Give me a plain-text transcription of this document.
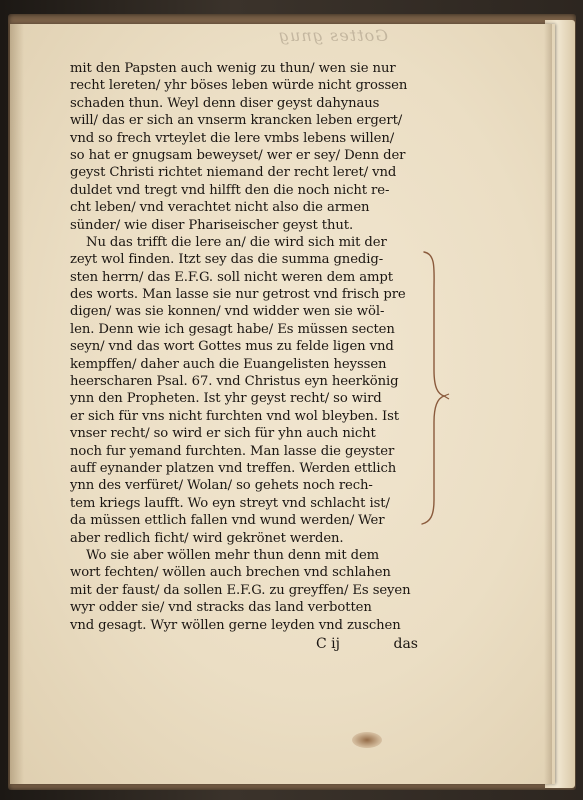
Gottes gnug
mit den Papsten auch wenig zu thun/ wen sie nur
recht lereten/ yhr böses leben würde nicht grossen
schaden thun. Weyl denn diser geyst dahynaus
will/ das er sich an vnserm krancken leben ergert/
vnd so frech vrteylet die lere vmbs lebens willen/
so hat er gnugsam beweyset/ wer er sey/ Denn der
geyst Christi richtet niemand der recht leret/ vnd
duldet vnd tregt vnd hilfft den die noch nicht re-
cht leben/ vnd verachtet nicht also die armen
sünder/ wie diser Phariseischer geyst thut.
Nu das trifft die lere an/ die wird sich mit der
zeyt wol finden. Itzt sey das die summa gnedig-
sten herrn/ das E.F.G. soll nicht weren dem ampt
des worts. Man lasse sie nur getrost vnd frisch pre
digen/ was sie konnen/ vnd widder wen sie wöl-
len. Denn wie ich gesagt habe/ Es müssen secten
seyn/ vnd das wort Gottes mus zu felde ligen vnd
kempffen/ daher auch die Euangelisten heyssen
heerscharen Psal. 67. vnd Christus eyn heerkönig
ynn den Propheten. Ist yhr geyst recht/ so wird
er sich für vns nicht furchten vnd wol bleyben. Ist
vnser recht/ so wird er sich für yhn auch nicht
noch fur yemand furchten. Man lasse die geyster
auff eynander platzen vnd treffen. Werden ettlich
ynn des verfüret/ Wolan/ so gehets noch rech-
tem kriegs laufft. Wo eyn streyt vnd schlacht ist/
da müssen ettlich fallen vnd wund werden/ Wer
aber redlich ficht/ wird gekrönet werden.
Wo sie aber wöllen mehr thun denn mit dem
wort fechten/ wöllen auch brechen vnd schlahen
mit der faust/ da sollen E.F.G. zu greyffen/ Es seyen
wyr odder sie/ vnd stracks das land verbotten
vnd gesagt. Wyr wöllen gerne leyden vnd zuschen
C ij	das
